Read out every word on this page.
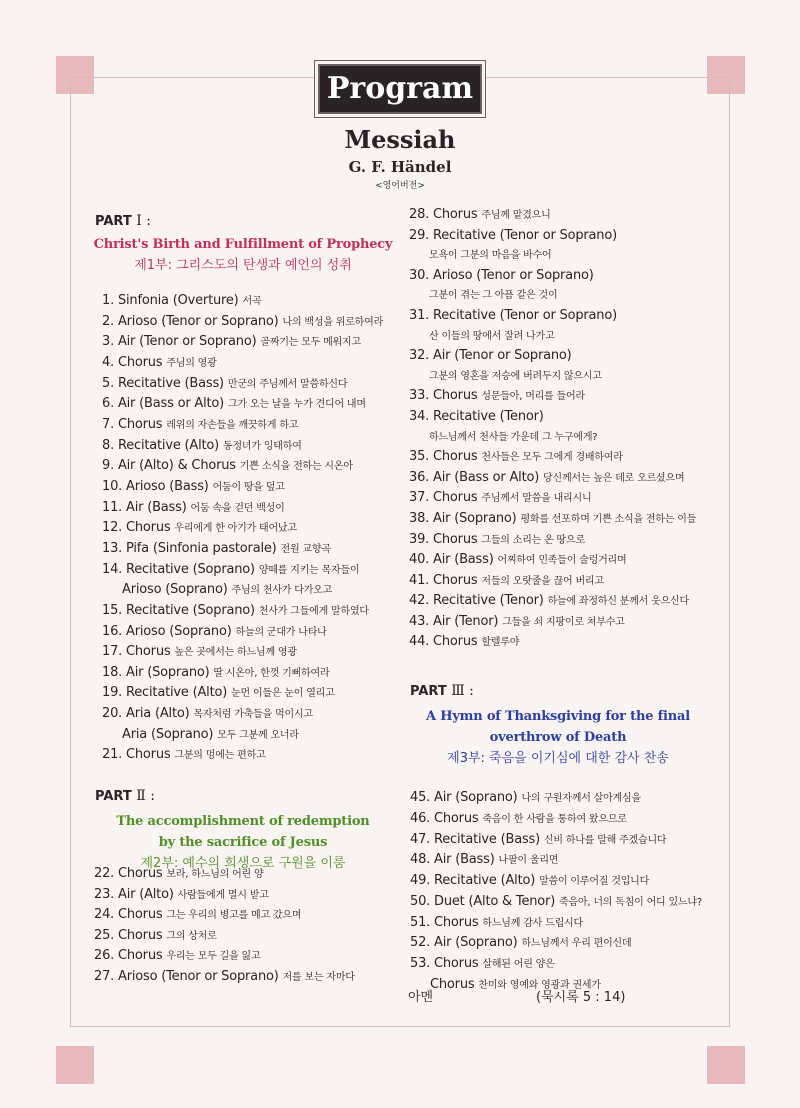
Program
Messiah
G. F. Händel
<영어버전>
PART Ⅰ :
Christ's Birth and Fulfillment of Prophecy
제1부: 그리스도의 탄생과 예언의 성취
1. Sinfonia (Overture) 서곡
2. Arioso (Tenor or Soprano) 나의 백성을 위로하여라
3. Air (Tenor or Soprano) 골짜기는 모두 메워지고
4. Chorus 주님의 영광
5. Recitative (Bass) 만군의 주님께서 말씀하신다
6. Air (Bass or Alto) 그가 오는 날을 누가 견디어 내며
7. Chorus 레위의 자손들을 깨끗하게 하고
8. Recitative (Alto) 동정녀가 잉태하여
9. Air (Alto) & Chorus 기쁜 소식을 전하는 시온아
10. Arioso (Bass) 어둠이 땅을 덮고
11. Air (Bass) 어둠 속을 걷던 백성이
12. Chorus 우리에게 한 아기가 태어났고
13. Pifa (Sinfonia pastorale) 전원 교향곡
14. Recitative (Soprano) 양떼를 지키는 목자들이
Arioso (Soprano) 주님의 천사가 다가오고
15. Recitative (Soprano) 천사가 그들에게 말하였다
16. Arioso (Soprano) 하늘의 군대가 나타나
17. Chorus 높은 곳에서는 하느님께 영광
18. Air (Soprano) 딸 시온아, 한껏 기뻐하여라
19. Recitative (Alto) 눈먼 이들은 눈이 열리고
20. Aria (Alto) 목자처럼 가축들을 먹이시고
Aria (Soprano) 모두 그분께 오너라
21. Chorus 그분의 멍에는 편하고
PART Ⅱ :
The accomplishment of redemption
by the sacrifice of Jesus
제2부: 예수의 희생으로 구원을 이룸
22. Chorus 보라, 하느님의 어린 양
23. Air (Alto) 사람들에게 멸시 받고
24. Chorus 그는 우리의 병고를 메고 갔으며
25. Chorus 그의 상처로
26. Chorus 우리는 모두 길을 잃고
27. Arioso (Tenor or Soprano) 저를 보는 자마다
28. Chorus 주님께 맡겼으니
29. Recitative (Tenor or Soprano)
모욕이 그분의 마음을 바수어
30. Arioso (Tenor or Soprano)
그분이 겪는 그 아픔 같은 것이
31. Recitative (Tenor or Soprano)
산 이들의 땅에서 잘려 나가고
32. Air (Tenor or Soprano)
그분의 영혼을 저승에 버려두지 않으시고
33. Chorus 성문들아, 머리를 들어라
34. Recitative (Tenor)
하느님께서 천사들 가운데 그 누구에게?
35. Chorus 천사들은 모두 그에게 경배하여라
36. Air (Bass or Alto) 당신께서는 높은 데로 오르셨으며
37. Chorus 주님께서 말씀을 내리시니
38. Air (Soprano) 평화를 선포하며 기쁜 소식을 전하는 이들
39. Chorus 그들의 소리는 온 땅으로
40. Air (Bass) 어찌하여 민족들이 술렁거리며
41. Chorus 저들의 오랏줄을 끊어 버리고
42. Recitative (Tenor) 하늘에 좌정하신 분께서 웃으신다
43. Air (Tenor) 그들을 쇠 지팡이로 쳐부수고
44. Chorus 할렐루야
PART Ⅲ :
A Hymn of Thanksgiving for the final
overthrow of Death
제3부: 죽음을 이기심에 대한 감사 찬송
45. Air (Soprano) 나의 구원자께서 살아계심을
46. Chorus 죽음이 한 사람을 통하여 왔으므로
47. Recitative (Bass) 신비 하나를 말해 주겠습니다
48. Air (Bass) 나팔이 울리면
49. Recitative (Alto) 말씀이 이루어질 것입니다
50. Duet (Alto & Tenor) 죽음아, 너의 독침이 어디 있느냐?
51. Chorus 하느님께 감사 드립시다
52. Air (Soprano) 하느님께서 우리 편이신데
53. Chorus 살해된 어린 양은
Chorus 찬미와 영예와 영광과 권세가
아멘	(묵시록 5 : 14)
